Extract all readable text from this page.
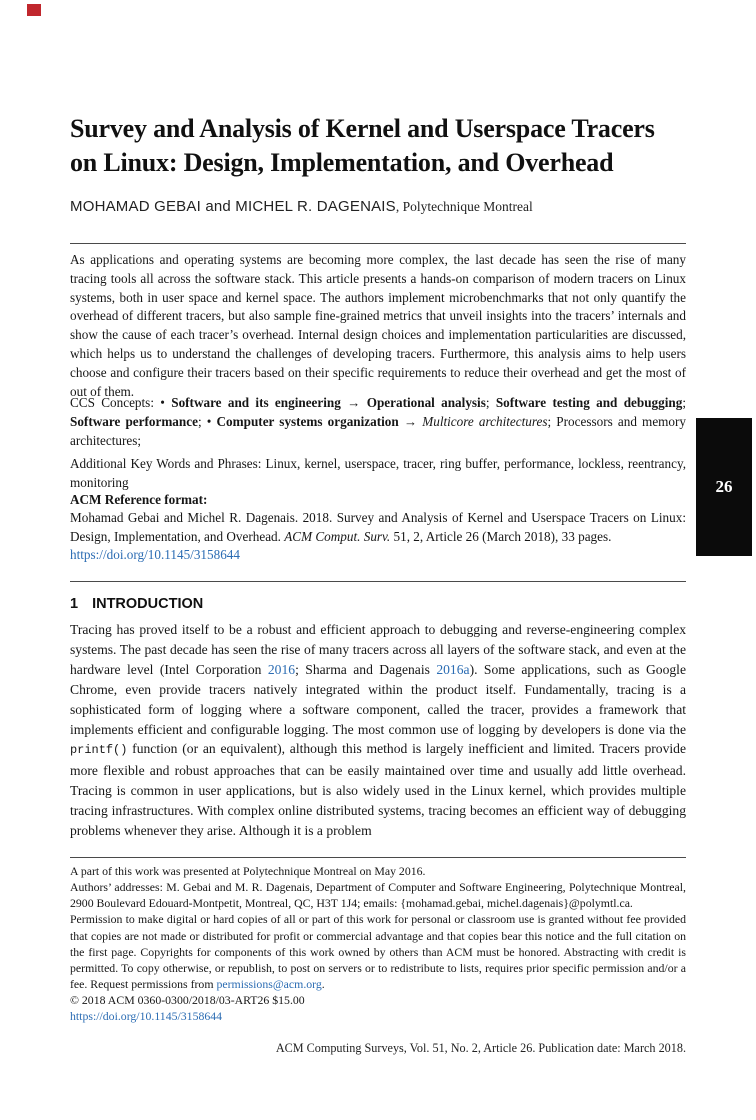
Survey and Analysis of Kernel and Userspace Tracers
on Linux: Design, Implementation, and Overhead
MOHAMAD GEBAI and MICHEL R. DAGENAIS, Polytechnique Montreal
As applications and operating systems are becoming more complex, the last decade has seen the rise of many tracing tools all across the software stack. This article presents a hands-on comparison of modern tracers on Linux systems, both in user space and kernel space. The authors implement microbenchmarks that not only quantify the overhead of different tracers, but also sample fine-grained metrics that unveil insights into the tracers’ internals and show the cause of each tracer’s overhead. Internal design choices and implementation particularities are discussed, which helps us to understand the challenges of developing tracers. Furthermore, this analysis aims to help users choose and configure their tracers based on their specific requirements to reduce their overhead and get the most of out of them.
CCS Concepts: • Software and its engineering → Operational analysis; Software testing and debugging; Software performance; • Computer systems organization → Multicore architectures; Processors and memory architectures;
Additional Key Words and Phrases: Linux, kernel, userspace, tracer, ring buffer, performance, lockless, reentrancy, monitoring
ACM Reference format:
Mohamad Gebai and Michel R. Dagenais. 2018. Survey and Analysis of Kernel and Userspace Tracers on Linux: Design, Implementation, and Overhead. ACM Comput. Surv. 51, 2, Article 26 (March 2018), 33 pages.
https://doi.org/10.1145/3158644
1 INTRODUCTION
Tracing has proved itself to be a robust and efficient approach to debugging and reverse-engineering complex systems. The past decade has seen the rise of many tracers across all layers of the software stack, and even at the hardware level (Intel Corporation 2016; Sharma and Dagenais 2016a). Some applications, such as Google Chrome, even provide tracers natively integrated within the product itself. Fundamentally, tracing is a sophisticated form of logging where a software component, called the tracer, provides a framework that implements efficient and configurable logging. The most common use of logging by developers is done via the printf() function (or an equivalent), although this method is largely inefficient and limited. Tracers provide more flexible and robust approaches that can be easily maintained over time and usually add little overhead. Tracing is common in user applications, but is also widely used in the Linux kernel, which provides multiple tracing infrastructures. With complex online distributed systems, tracing becomes an efficient way of debugging problems whenever they arise. Although it is a problem
A part of this work was presented at Polytechnique Montreal on May 2016.
Authors’ addresses: M. Gebai and M. R. Dagenais, Department of Computer and Software Engineering, Polytechnique Montreal, 2900 Boulevard Edouard-Montpetit, Montreal, QC, H3T 1J4; emails: {mohamad.gebai, michel.dagenais}@polymtl.ca.
Permission to make digital or hard copies of all or part of this work for personal or classroom use is granted without fee provided that copies are not made or distributed for profit or commercial advantage and that copies bear this notice and the full citation on the first page. Copyrights for components of this work owned by others than ACM must be honored. Abstracting with credit is permitted. To copy otherwise, or republish, to post on servers or to redistribute to lists, requires prior specific permission and/or a fee. Request permissions from permissions@acm.org.
© 2018 ACM 0360-0300/2018/03-ART26 $15.00
https://doi.org/10.1145/3158644
ACM Computing Surveys, Vol. 51, No. 2, Article 26. Publication date: March 2018.
26
